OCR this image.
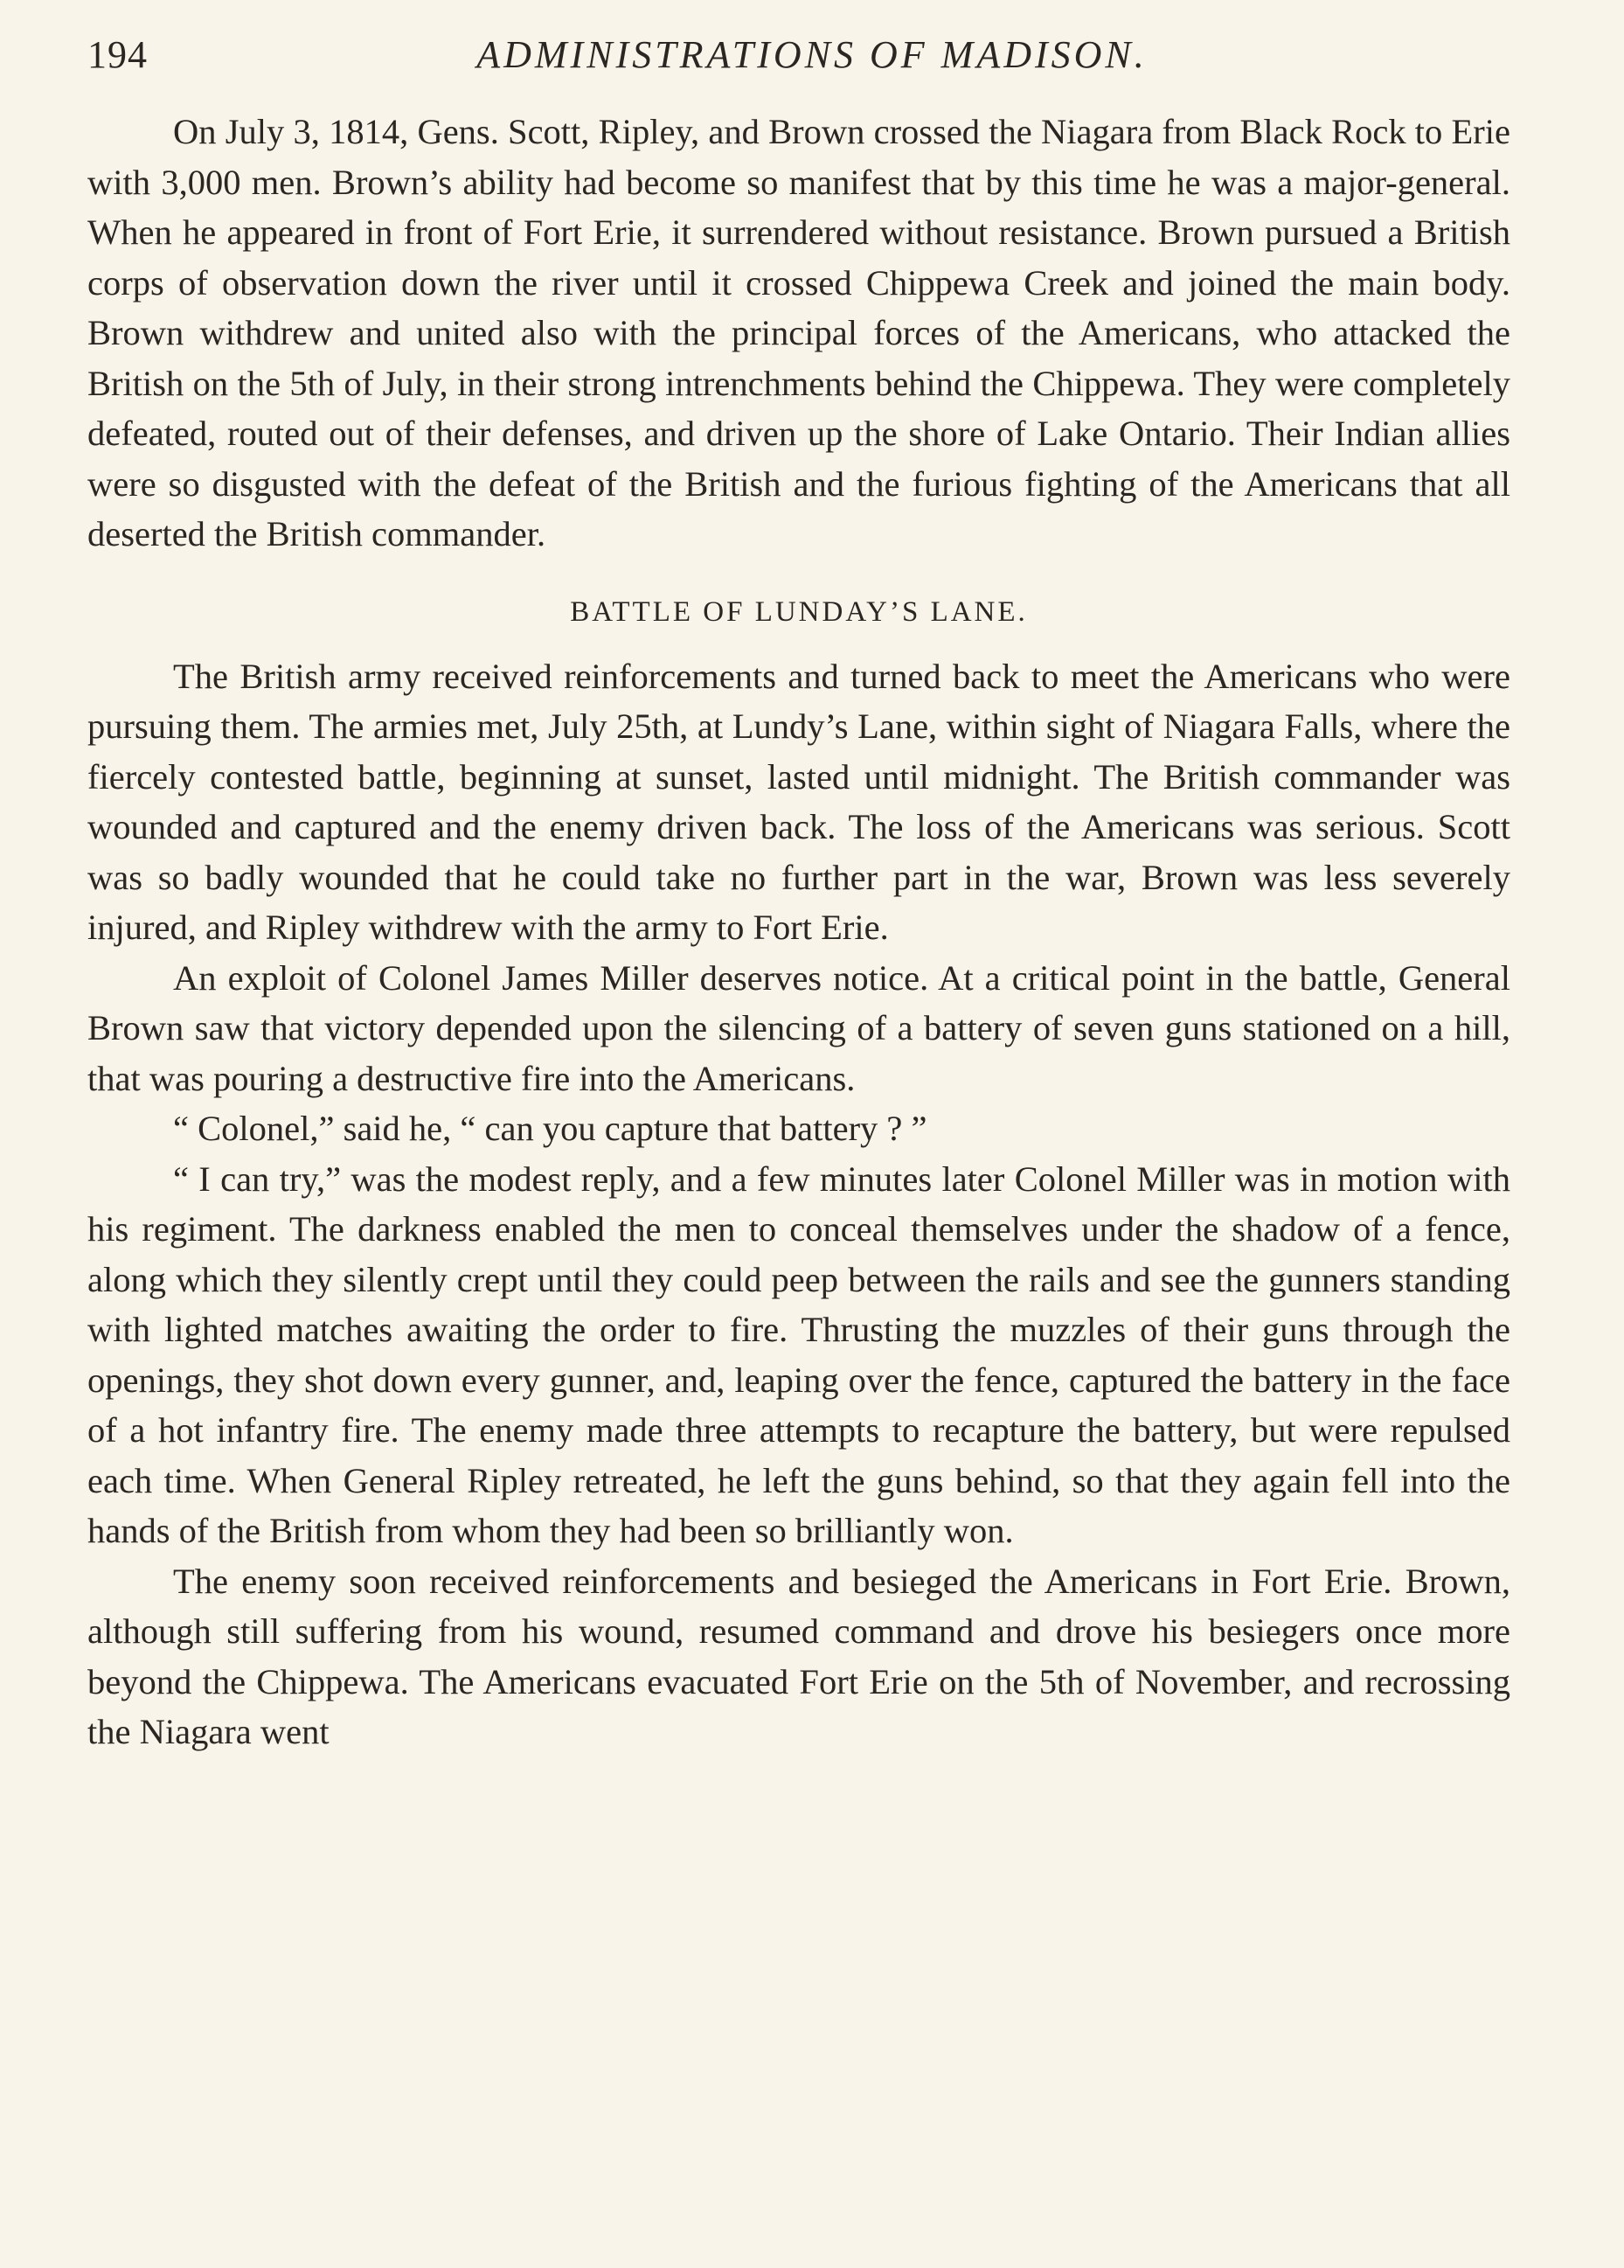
194	ADMINISTRATIONS OF MADISON.

On July 3, 1814, Gens. Scott, Ripley, and Brown crossed the Niagara from Black Rock to Erie with 3,000 men. Brown’s ability had become so manifest that by this time he was a major-general. When he appeared in front of Fort Erie, it surrendered without resistance. Brown pursued a British corps of observation down the river until it crossed Chippewa Creek and joined the main body. Brown withdrew and united also with the principal forces of the Americans, who attacked the British on the 5th of July, in their strong intrenchments behind the Chippewa. They were completely defeated, routed out of their defenses, and driven up the shore of Lake Ontario. Their Indian allies were so disgusted with the defeat of the British and the furious fighting of the Americans that all deserted the British commander.

BATTLE OF LUNDAY’S LANE.

The British army received reinforcements and turned back to meet the Americans who were pursuing them. The armies met, July 25th, at Lundy’s Lane, within sight of Niagara Falls, where the fiercely contested battle, beginning at sunset, lasted until midnight. The British commander was wounded and captured and the enemy driven back. The loss of the Americans was serious. Scott was so badly wounded that he could take no further part in the war, Brown was less severely injured, and Ripley withdrew with the army to Fort Erie.

An exploit of Colonel James Miller deserves notice. At a critical point in the battle, General Brown saw that victory depended upon the silencing of a battery of seven guns stationed on a hill, that was pouring a destructive fire into the Americans.

“ Colonel,” said he, “ can you capture that battery ? ”

“ I can try,” was the modest reply, and a few minutes later Colonel Miller was in motion with his regiment. The darkness enabled the men to conceal themselves under the shadow of a fence, along which they silently crept until they could peep between the rails and see the gunners standing with lighted matches awaiting the order to fire. Thrusting the muzzles of their guns through the openings, they shot down every gunner, and, leaping over the fence, captured the battery in the face of a hot infantry fire. The enemy made three attempts to recapture the battery, but were repulsed each time. When General Ripley retreated, he left the guns behind, so that they again fell into the hands of the British from whom they had been so brilliantly won.

The enemy soon received reinforcements and besieged the Americans in Fort Erie. Brown, although still suffering from his wound, resumed command and drove his besiegers once more beyond the Chippewa. The Americans evacuated Fort Erie on the 5th of November, and recrossing the Niagara went
